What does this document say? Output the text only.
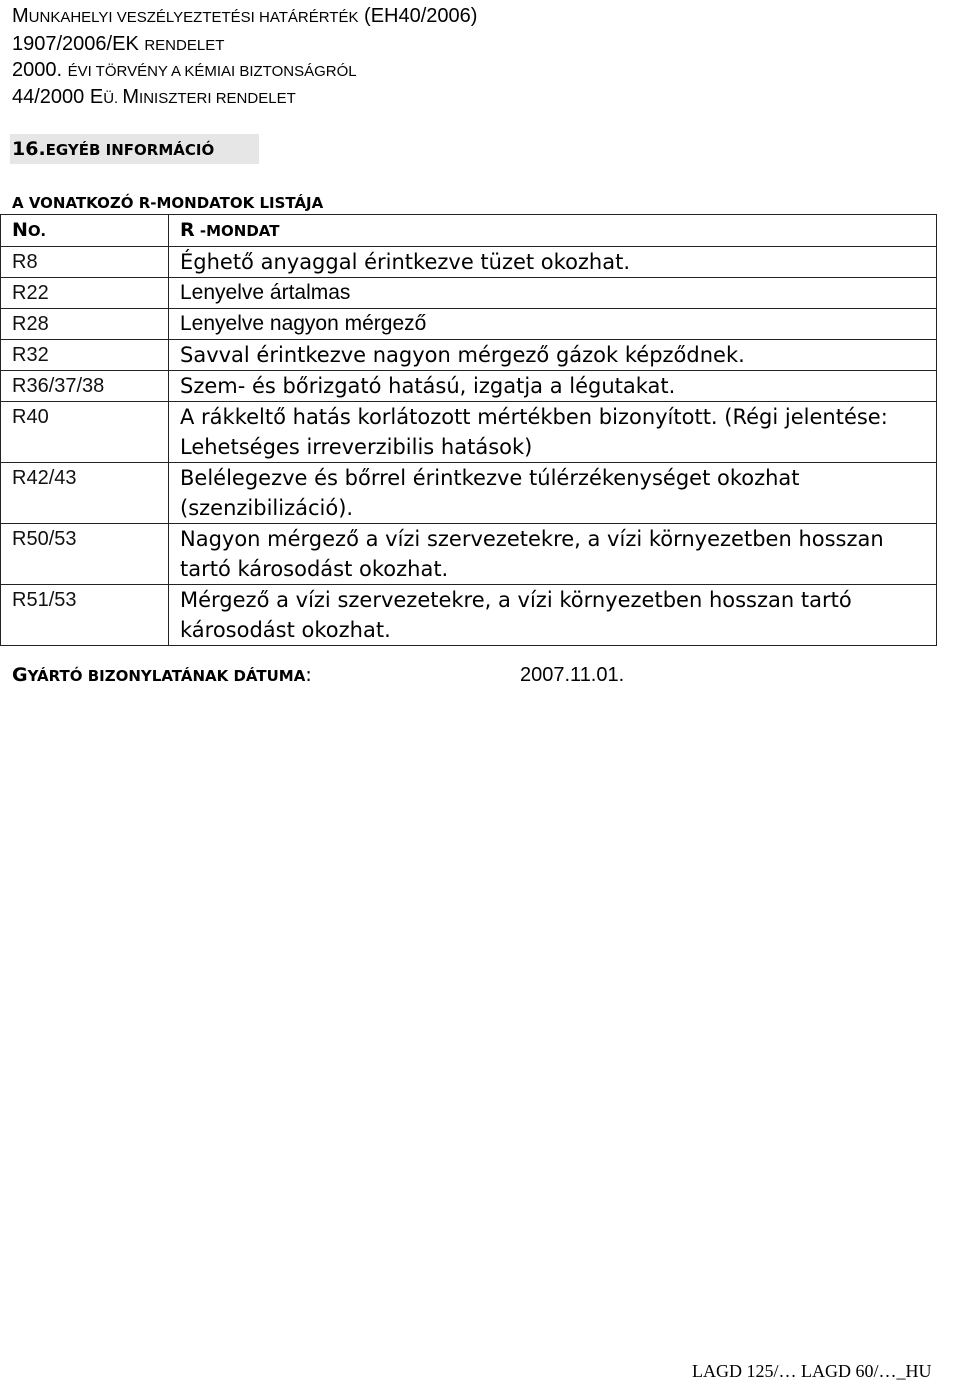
MUNKAHELYI VESZÉLYEZTETÉSI HATÁRÉRTÉK (EH40/2006)
1907/2006/EK RENDELET
2000. ÉVI TÖRVÉNY A KÉMIAI BIZTONSÁGRÓL
44/2000 EÜ. MINISZTERI RENDELET
16.EGYÉB INFORMÁCIÓ
A VONATKOZÓ R-MONDATOK LISTÁJA
NO.	R -MONDAT
R8	Éghető anyaggal érintkezve tüzet okozhat.
R22	Lenyelve ártalmas
R28	Lenyelve nagyon mérgező
R32	Savval érintkezve nagyon mérgező gázok képződnek.
R36/37/38	Szem- és bőrizgató hatású, izgatja a légutakat.
R40	A rákkeltő hatás korlátozott mértékben bizonyított. (Régi jelentése: Lehetséges irreverzibilis hatások)
R42/43	Belélegezve és bőrrel érintkezve túlérzékenységet okozhat (szenzibilizáció).
R50/53	Nagyon mérgező a vízi szervezetekre, a vízi környezetben hosszan tartó károsodást okozhat.
R51/53	Mérgező a vízi szervezetekre, a vízi környezetben hosszan tartó károsodást okozhat.
GYÁRTÓ BIZONYLATÁNAK DÁTUMA:	2007.11.01.
LAGD 125/… LAGD 60/…_HU
